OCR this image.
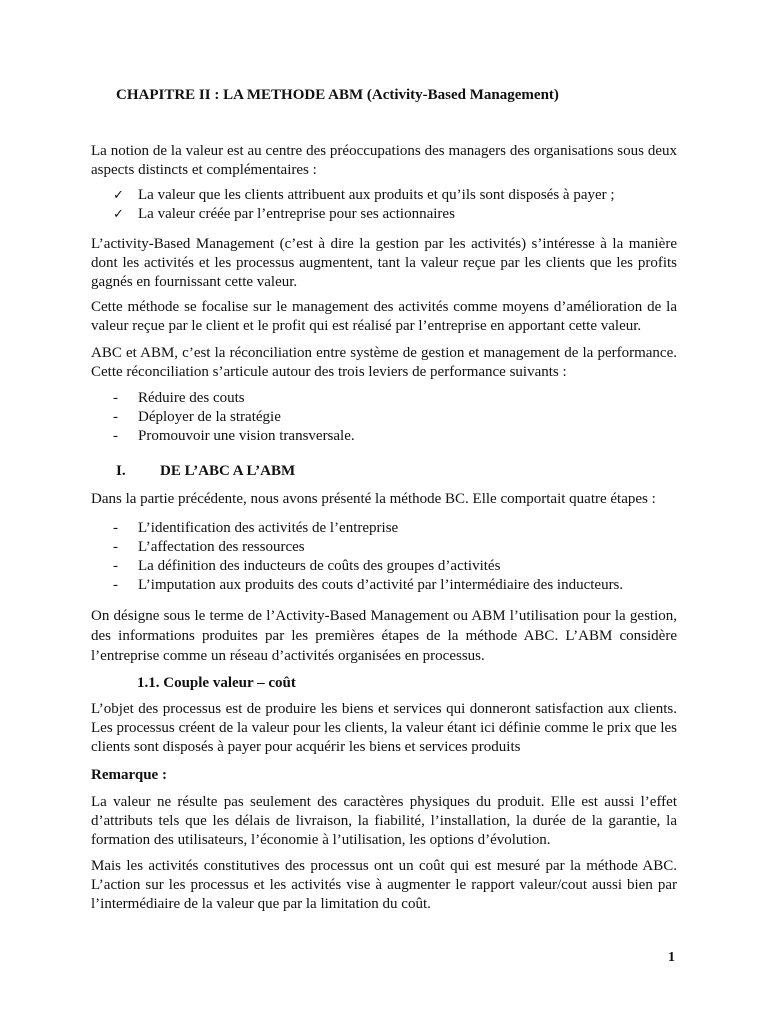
CHAPITRE II : LA METHODE ABM (Activity-Based Management)
La notion de la valeur est au centre des préoccupations des managers des organisations sous deux aspects distincts et complémentaires :
✓ La valeur que les clients attribuent aux produits et qu’ils sont disposés à payer ;
✓ La valeur créée par l’entreprise pour ses actionnaires
L’activity-Based Management (c’est à dire la gestion par les activités) s’intéresse à la manière dont les activités et les processus augmentent, tant la valeur reçue par les clients que les profits gagnés en fournissant cette valeur.
Cette méthode se focalise sur le management des activités comme moyens d’amélioration de la valeur reçue par le client et le profit qui est réalisé par l’entreprise en apportant cette valeur.
ABC et ABM, c’est la réconciliation entre système de gestion et management de la performance. Cette réconciliation s’articule autour des trois leviers de performance suivants :
- Réduire des couts
- Déployer de la stratégie
- Promouvoir une vision transversale.
I. DE L’ABC A L’ABM
Dans la partie précédente, nous avons présenté la méthode BC. Elle comportait quatre étapes :
- L’identification des activités de l’entreprise
- L’affectation des ressources
- La définition des inducteurs de coûts des groupes d’activités
- L’imputation aux produits des couts d’activité par l’intermédiaire des inducteurs.
On désigne sous le terme de l’Activity-Based Management ou ABM l’utilisation pour la gestion, des informations produites par les premières étapes de la méthode ABC. L’ABM considère l’entreprise comme un réseau d’activités organisées en processus.
1.1. Couple valeur – coût
L’objet des processus est de produire les biens et services qui donneront satisfaction aux clients. Les processus créent de la valeur pour les clients, la valeur étant ici définie comme le prix que les clients sont disposés à payer pour acquérir les biens et services produits
Remarque :
La valeur ne résulte pas seulement des caractères physiques du produit. Elle est aussi l’effet d’attributs tels que les délais de livraison, la fiabilité, l’installation, la durée de la garantie, la formation des utilisateurs, l’économie à l’utilisation, les options d’évolution.
Mais les activités constitutives des processus ont un coût qui est mesuré par la méthode ABC. L’action sur les processus et les activités vise à augmenter le rapport valeur/cout aussi bien par l’intermédiaire de la valeur que par la limitation du coût.
1
